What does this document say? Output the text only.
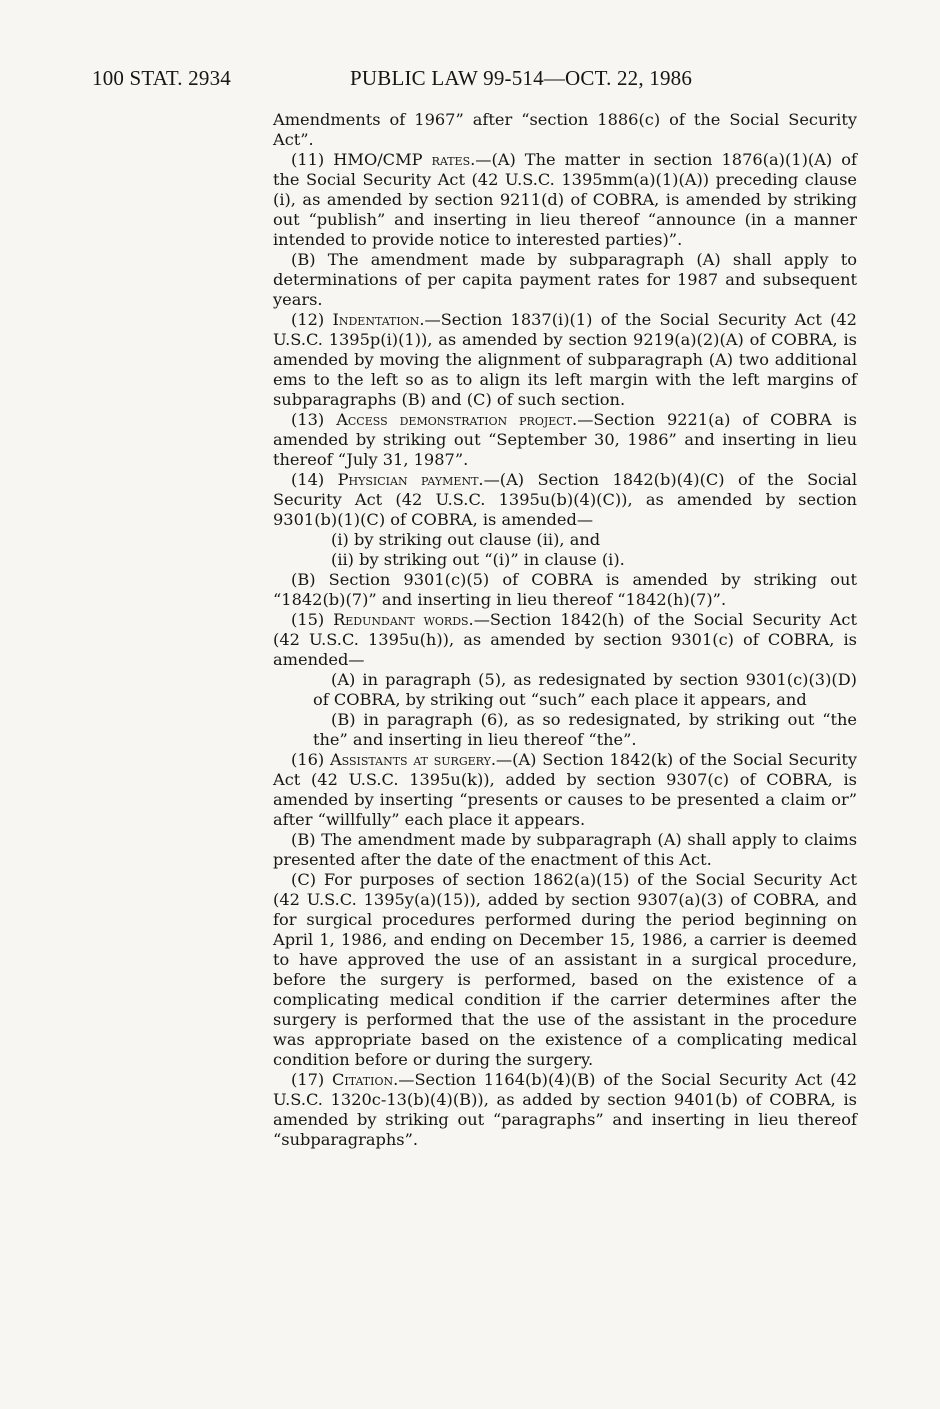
100 STAT. 2934	PUBLIC LAW 99-514—OCT. 22, 1986

Amendments of 1967” after “section 1886(c) of the Social Security Act”.

(11) HMO/CMP rates.—(A) The matter in section 1876(a)(1)(A) of the Social Security Act (42 U.S.C. 1395mm(a)(1)(A)) preceding clause (i), as amended by section 9211(d) of COBRA, is amended by striking out “publish” and inserting in lieu thereof “announce (in a manner intended to provide notice to interested parties)”.

(B) The amendment made by subparagraph (A) shall apply to determinations of per capita payment rates for 1987 and subsequent years.

(12) Indentation.—Section 1837(i)(1) of the Social Security Act (42 U.S.C. 1395p(i)(1)), as amended by section 9219(a)(2)(A) of COBRA, is amended by moving the alignment of subparagraph (A) two additional ems to the left so as to align its left margin with the left margins of subparagraphs (B) and (C) of such section.

(13) Access demonstration project.—Section 9221(a) of COBRA is amended by striking out “September 30, 1986” and inserting in lieu thereof “July 31, 1987”.

(14) Physician payment.—(A) Section 1842(b)(4)(C) of the Social Security Act (42 U.S.C. 1395u(b)(4)(C)), as amended by section 9301(b)(1)(C) of COBRA, is amended—

(i) by striking out clause (ii), and

(ii) by striking out “(i)” in clause (i).

(B) Section 9301(c)(5) of COBRA is amended by striking out “1842(b)(7)” and inserting in lieu thereof “1842(h)(7)”.

(15) Redundant words.—Section 1842(h) of the Social Security Act (42 U.S.C. 1395u(h)), as amended by section 9301(c) of COBRA, is amended—

(A) in paragraph (5), as redesignated by section 9301(c)(3)(D) of COBRA, by striking out “such” each place it appears, and

(B) in paragraph (6), as so redesignated, by striking out “the the” and inserting in lieu thereof “the”.

(16) Assistants at surgery.—(A) Section 1842(k) of the Social Security Act (42 U.S.C. 1395u(k)), added by section 9307(c) of COBRA, is amended by inserting “presents or causes to be presented a claim or” after “willfully” each place it appears.

(B) The amendment made by subparagraph (A) shall apply to claims presented after the date of the enactment of this Act.

(C) For purposes of section 1862(a)(15) of the Social Security Act (42 U.S.C. 1395y(a)(15)), added by section 9307(a)(3) of COBRA, and for surgical procedures performed during the period beginning on April 1, 1986, and ending on December 15, 1986, a carrier is deemed to have approved the use of an assistant in a surgical procedure, before the surgery is performed, based on the existence of a complicating medical condition if the carrier determines after the surgery is performed that the use of the assistant in the procedure was appropriate based on the existence of a complicating medical condition before or during the surgery.

(17) Citation.—Section 1164(b)(4)(B) of the Social Security Act (42 U.S.C. 1320c-13(b)(4)(B)), as added by section 9401(b) of COBRA, is amended by striking out “paragraphs” and inserting in lieu thereof “subparagraphs”.
